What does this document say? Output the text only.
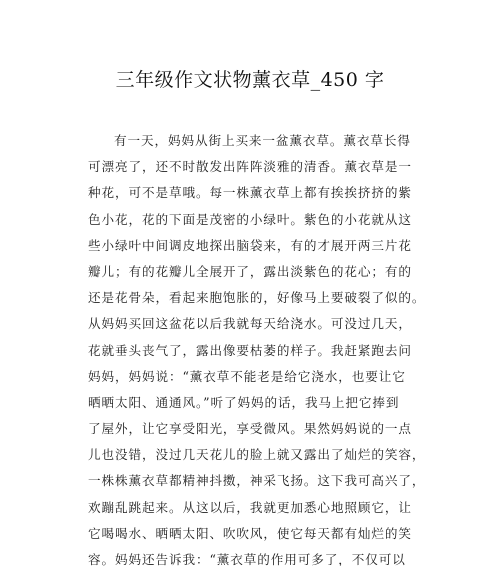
三年级作文状物薰衣草_450 字
有一天，妈妈从街上买来一盆薰衣草。薰衣草长得
可漂亮了，还不时散发出阵阵淡雅的清香。薰衣草是一
种花，可不是草哦。每一株薰衣草上都有挨挨挤挤的紫
色小花，花的下面是茂密的小绿叶。紫色的小花就从这
些小绿叶中间调皮地探出脑袋来，有的才展开两三片花
瓣儿；有的花瓣儿全展开了，露出淡紫色的花心；有的
还是花骨朵，看起来胞饱胀的，好像马上要破裂了似的。
从妈妈买回这盆花以后我就每天给浇水。可没过几天，
花就垂头丧气了，露出像要枯萎的样子。我赶紧跑去问
妈妈，妈妈说：“薰衣草不能老是给它浇水，也要让它
晒晒太阳、通通风。”听了妈妈的话，我马上把它捧到
了屋外，让它享受阳光，享受微风。果然妈妈说的一点
儿也没错，没过几天花儿的脸上就又露出了灿烂的笑容，
一株株薰衣草都精神抖擞，神采飞扬。这下我可高兴了，
欢蹦乱跳起来。从这以后，我就更加悉心地照顾它，让
它喝喝水、晒晒太阳、吹吹风，使它每天都有灿烂的笑
容。妈妈还告诉我：“薰衣草的作用可多了，不仅可以
